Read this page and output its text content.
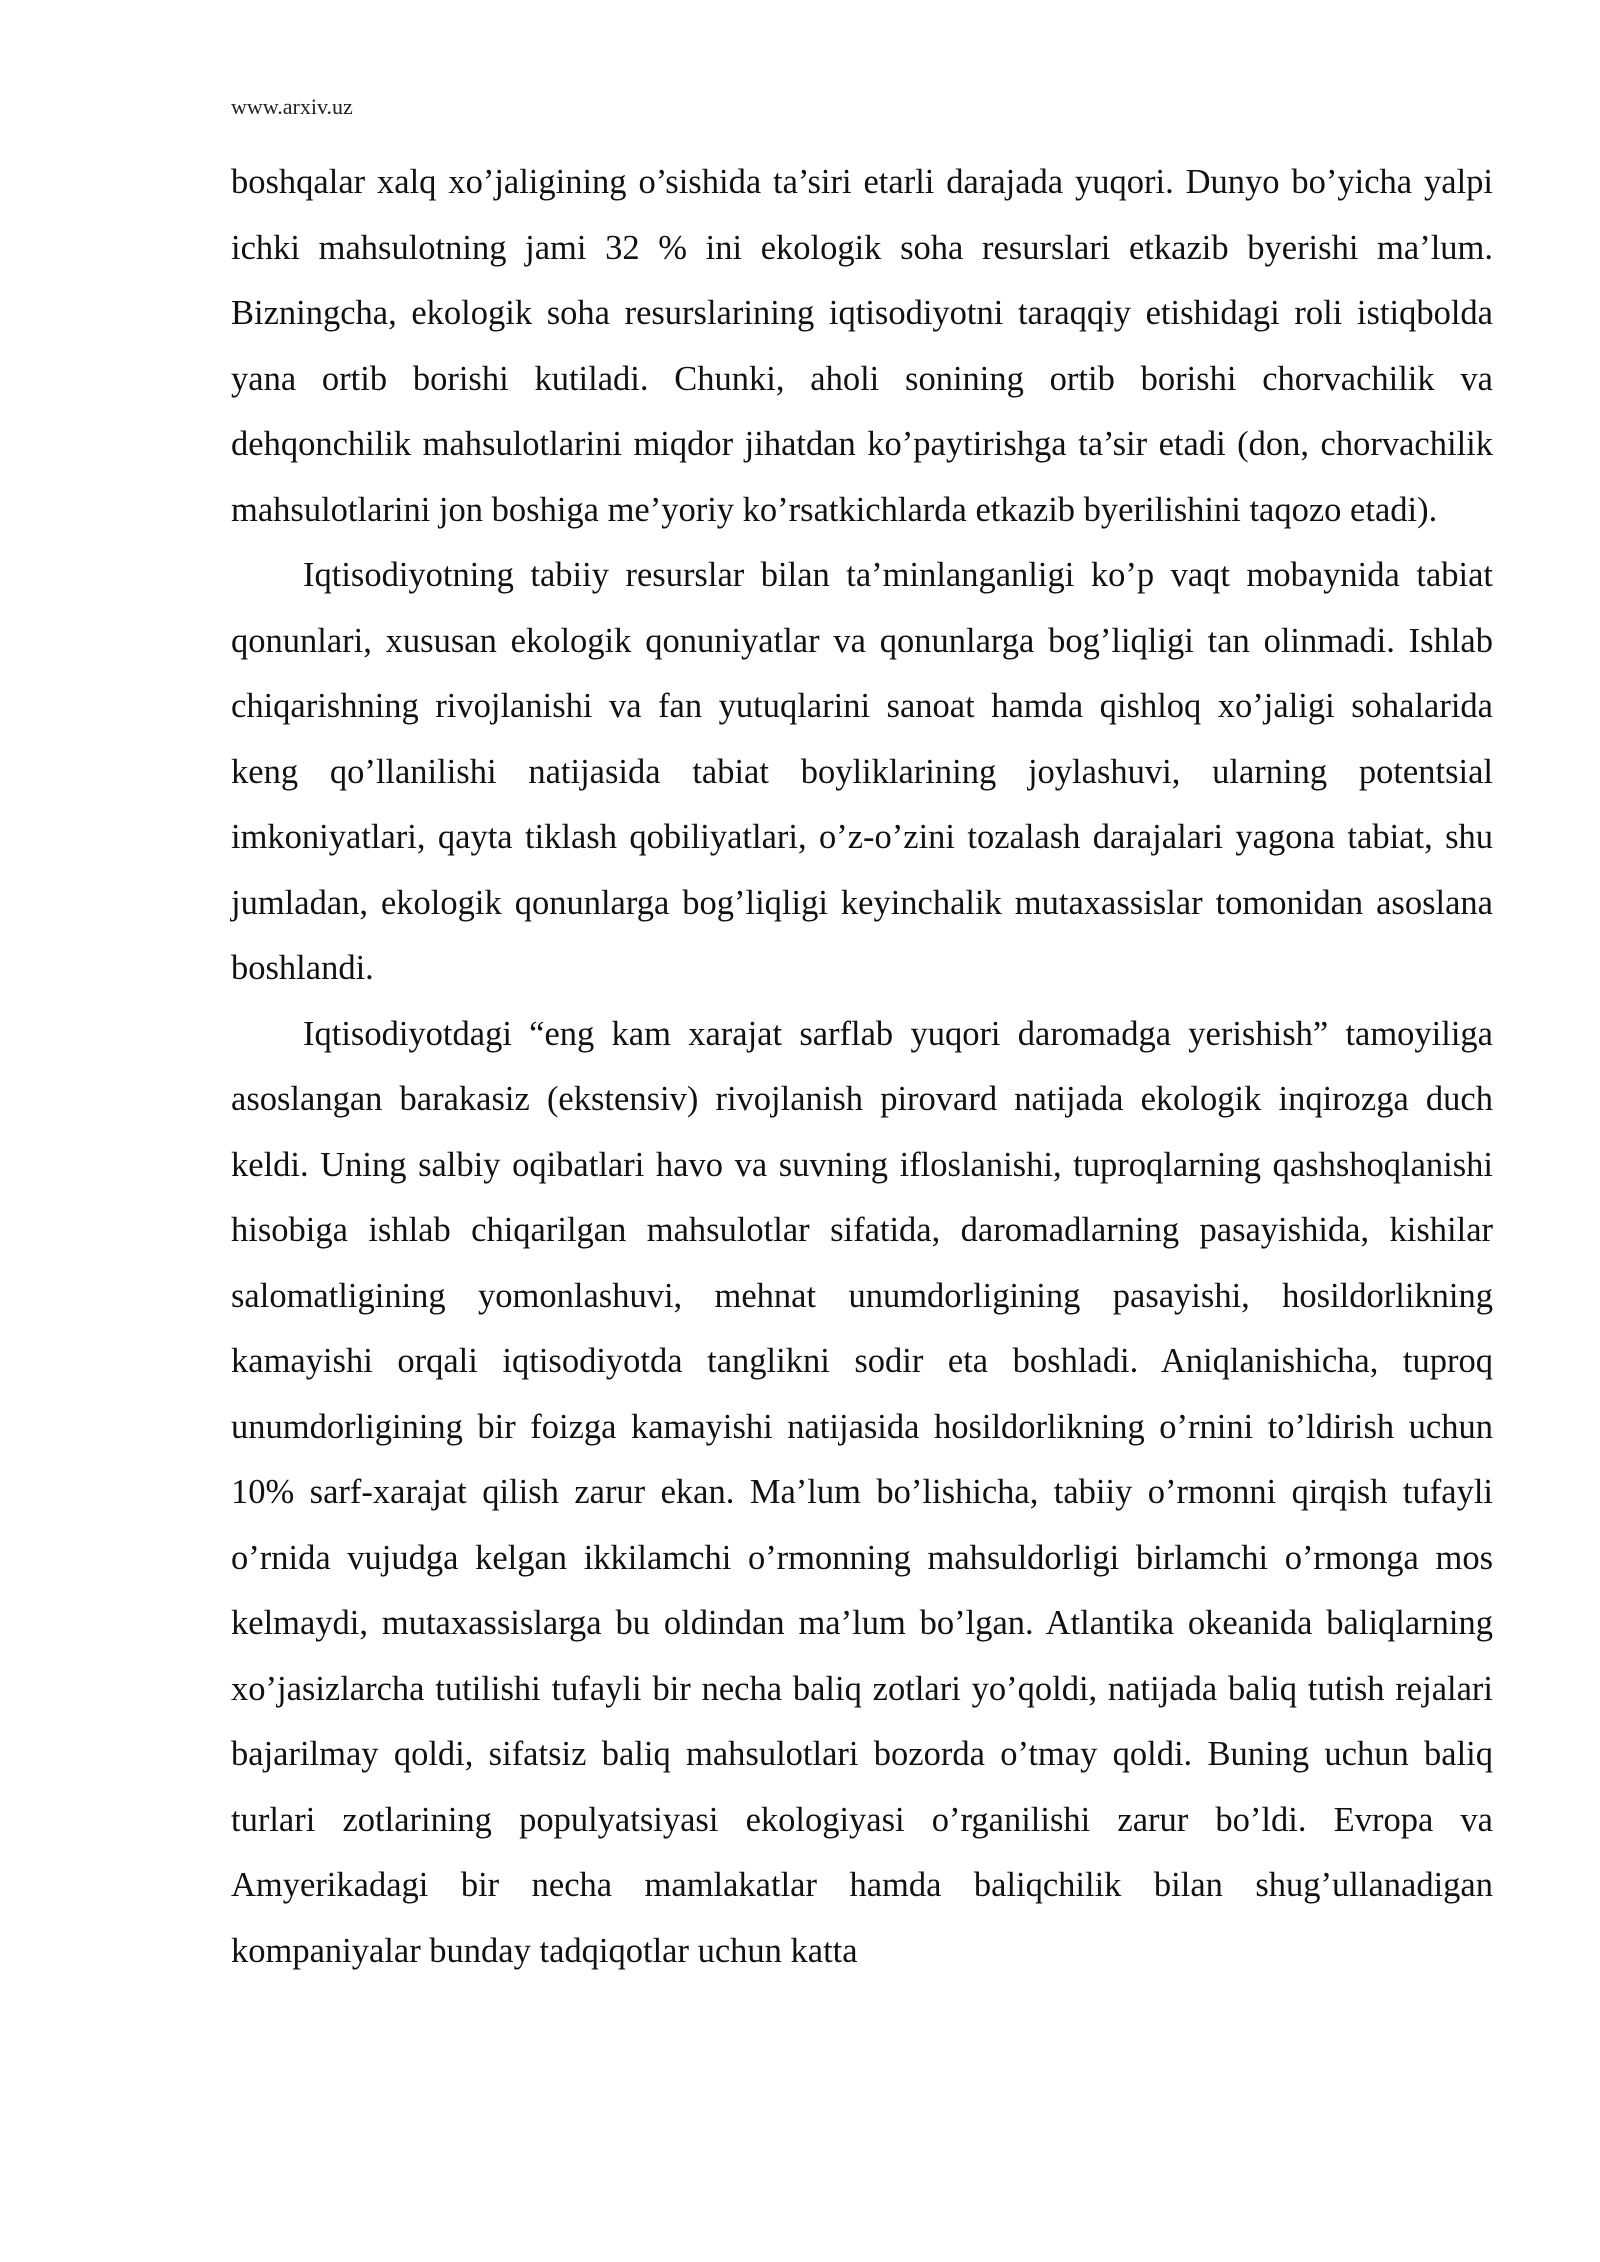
www.arxiv.uz

boshqalar xalq xo’jaligining o’sishida ta’siri etarli darajada yuqori. Dunyo bo’yicha yalpi ichki mahsulotning jami 32 % ini ekologik soha resurslari etkazib byerishi ma’lum. Bizningcha, ekologik soha resurslarining iqtisodiyotni taraqqiy etishidagi roli istiqbolda yana ortib borishi kutiladi. Chunki, aholi sonining ortib borishi chorvachilik va dehqonchilik mahsulotlarini miqdor jihatdan ko’paytirishga ta’sir etadi (don, chorvachilik mahsulotlarini jon boshiga me’yoriy ko’rsatkichlarda etkazib byerilishini taqozo etadi).

Iqtisodiyotning tabiiy resurslar bilan ta’minlanganligi ko’p vaqt mobaynida tabiat qonunlari, xususan ekologik qonuniyatlar va qonunlarga bog’liqligi tan olinmadi. Ishlab chiqarishning rivojlanishi va fan yutuqlarini sanoat hamda qishloq xo’jaligi sohalarida keng qo’llanilishi natijasida tabiat boyliklarining joylashuvi, ularning potentsial imkoniyatlari, qayta tiklash qobiliyatlari, o’z-o’zini tozalash darajalari yagona tabiat, shu jumladan, ekologik qonunlarga bog’liqligi keyinchalik mutaxassislar tomonidan asoslana boshlandi.

Iqtisodiyotdagi “eng kam xarajat sarflab yuqori daromadga yerishish” tamoyiliga asoslangan barakasiz (ekstensiv) rivojlanish pirovard natijada ekologik inqirozga duch keldi. Uning salbiy oqibatlari havo va suvning ifloslanishi, tuproqlarning qashshoqlanishi hisobiga ishlab chiqarilgan mahsulotlar sifatida, daromadlarning pasayishida, kishilar salomatligining yomonlashuvi, mehnat unumdorligining pasayishi, hosildorlikning kamayishi orqali iqtisodiyotda tanglikni sodir eta boshladi. Aniqlanishicha, tuproq unumdorligining bir foizga kamayishi natijasida hosildorlikning o’rnini to’ldirish uchun 10% sarf-xarajat qilish zarur ekan. Ma’lum bo’lishicha, tabiiy o’rmonni qirqish tufayli o’rnida vujudga kelgan ikkilamchi o’rmonning mahsuldorligi birlamchi o’rmonga mos kelmaydi, mutaxassislarga bu oldindan ma’lum bo’lgan. Atlantika okeanida baliqlarning xo’jasizlarcha tutilishi tufayli bir necha baliq zotlari yo’qoldi, natijada baliq tutish rejalari bajarilmay qoldi, sifatsiz baliq mahsulotlari bozorda o’tmay qoldi. Buning uchun baliq turlari zotlarining populyatsiyasi ekologiyasi o’rganilishi zarur bo’ldi. Evropa va Amyerikadagi bir necha mamlakatlar hamda baliqchilik bilan shug’ullanadigan kompaniyalar bunday tadqiqotlar uchun katta
